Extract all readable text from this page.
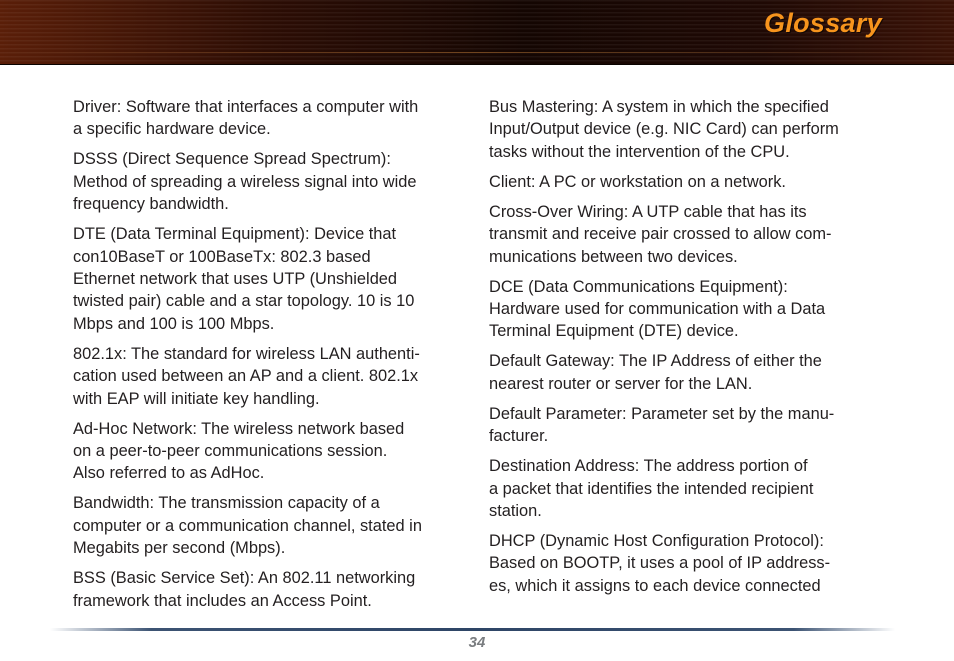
Glossary

Driver: Software that interfaces a computer with
a specific hardware device.

DSSS (Direct Sequence Spread Spectrum):
Method of spreading a wireless signal into wide
frequency bandwidth.

DTE (Data Terminal Equipment): Device that
con10BaseT or 100BaseTx: 802.3 based
Ethernet network that uses UTP (Unshielded
twisted pair) cable and a star topology. 10 is 10
Mbps and 100 is 100 Mbps.

802.1x: The standard for wireless LAN authenti-
cation used between an AP and a client. 802.1x
with EAP will initiate key handling.

Ad-Hoc Network: The wireless network based
on a peer-to-peer communications session.
Also referred to as AdHoc.

Bandwidth: The transmission capacity of a
computer or a communication channel, stated in
Megabits per second (Mbps).

BSS (Basic Service Set): An 802.11 networking
framework that includes an Access Point.

Bus Mastering: A system in which the specified
Input/Output device (e.g. NIC Card) can perform
tasks without the intervention of the CPU.

Client: A PC or workstation on a network.

Cross-Over Wiring: A UTP cable that has its
transmit and receive pair crossed to allow com-
munications between two devices.

DCE (Data Communications Equipment):
Hardware used for communication with a Data
Terminal Equipment (DTE) device.

Default Gateway: The IP Address of either the
nearest router or server for the LAN.

Default Parameter: Parameter set by the manu-
facturer.

Destination Address: The address portion of
a packet that identifies the intended recipient
station.

DHCP (Dynamic Host Configuration Protocol):
Based on BOOTP, it uses a pool of IP address-
es, which it assigns to each device connected

34
